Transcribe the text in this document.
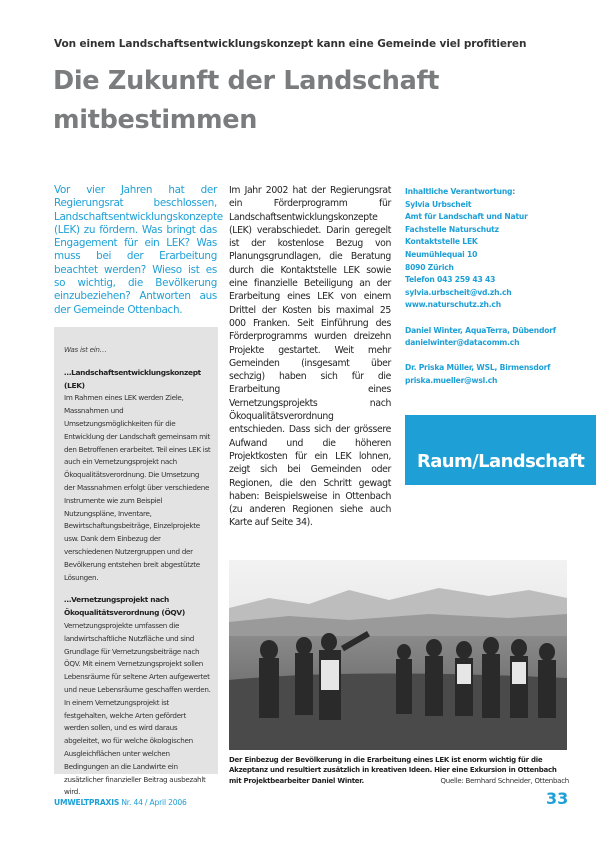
Von einem Landschaftsentwicklungskonzept kann eine Gemeinde viel profitieren
Die Zukunft der Landschaft
mitbestimmen
Vor vier Jahren hat der Regierungsrat beschlossen, Landschaftsentwicklungskonzepte (LEK) zu fördern. Was bringt das Engagement für ein LEK? Was muss bei der Erarbeitung beachtet werden? Wieso ist es so wichtig, die Bevölkerung einzubeziehen? Antworten aus der Gemeinde Ottenbach.
Im Jahr 2002 hat der Regierungsrat ein Förderprogramm für Landschaftsentwicklungskonzepte (LEK) verabschiedet. Darin geregelt ist der kostenlose Bezug von Planungsgrundlagen, die Beratung durch die Kontaktstelle LEK sowie eine finanzielle Beteiligung an der Erarbeitung eines LEK von einem Drittel der Kosten bis maximal 25 000 Franken. Seit Einführung des Förderprogramms wurden dreizehn Projekte gestartet. Weit mehr Gemeinden (insgesamt über sechzig) haben sich für die Erarbeitung eines Vernetzungsprojekts nach Ökoqualitätsverordnung entschieden. Dass sich der grössere Aufwand und die höheren Projektkosten für ein LEK lohnen, zeigt sich bei Gemeinden oder Regionen, die den Schritt gewagt haben: Beispielsweise in Ottenbach (zu anderen Regionen siehe auch Karte auf Seite 34).
Inhaltliche Verantwortung:
Sylvia Urbscheit
Amt für Landschaft und Natur
Fachstelle Naturschutz
Kontaktstelle LEK
Neumühlequai 10
8090 Zürich
Telefon 043 259 43 43
sylvia.urbscheit@vd.zh.ch
www.naturschutz.zh.ch
Daniel Winter, AquaTerra, Dübendorf
danielwinter@datacomm.ch
Dr. Priska Müller, WSL, Birmensdorf
priska.mueller@wsl.ch
Raum/Landschaft

Was ist ein…

…Landschaftsentwicklungskonzept (LEK)

Im Rahmen eines LEK werden Ziele, Massnahmen und Umsetzungsmöglichkeiten für die Entwicklung der Landschaft gemeinsam mit den Betroffenen erarbeitet. Teil eines LEK ist auch ein Vernetzungsprojekt nach Ökoqualitätsverordnung. Die Umsetzung der Massnahmen erfolgt über verschiedene Instrumente wie zum Beispiel Nutzungspläne, Inventare, Bewirtschaftungsbeiträge, Einzelprojekte usw. Dank dem Einbezug der verschiedenen Nutzergruppen und der Bevölkerung entstehen breit abgestützte Lösungen.

…Vernetzungsprojekt nach Ökoqualitätsverordnung (ÖQV)

Vernetzungsprojekte umfassen die landwirtschaftliche Nutzfläche und sind Grundlage für Vernetzungsbeiträge nach ÖQV. Mit einem Vernetzungsprojekt sollen Lebensräume für seltene Arten aufgewertet und neue Lebensräume geschaffen werden. In einem Vernetzungsprojekt ist festgehalten, welche Arten gefördert werden sollen, und es wird daraus abgeleitet, wo für welche ökologischen Ausgleichflächen unter welchen Bedingungen an die Landwirte ein zusätzlicher finanzieller Beitrag ausbezahlt wird.

Der Einbezug der Bevölkerung in die Erarbeitung eines LEK ist enorm wichtig für die Akzeptanz und resultiert zusätzlich in kreativen Ideen. Hier eine Exkursion in Ottenbach mit Projektbearbeiter Daniel Winter.	Quelle: Bernhard Schneider, Ottenbach
UMWELTPRAXIS Nr. 44 / April 2006	33
